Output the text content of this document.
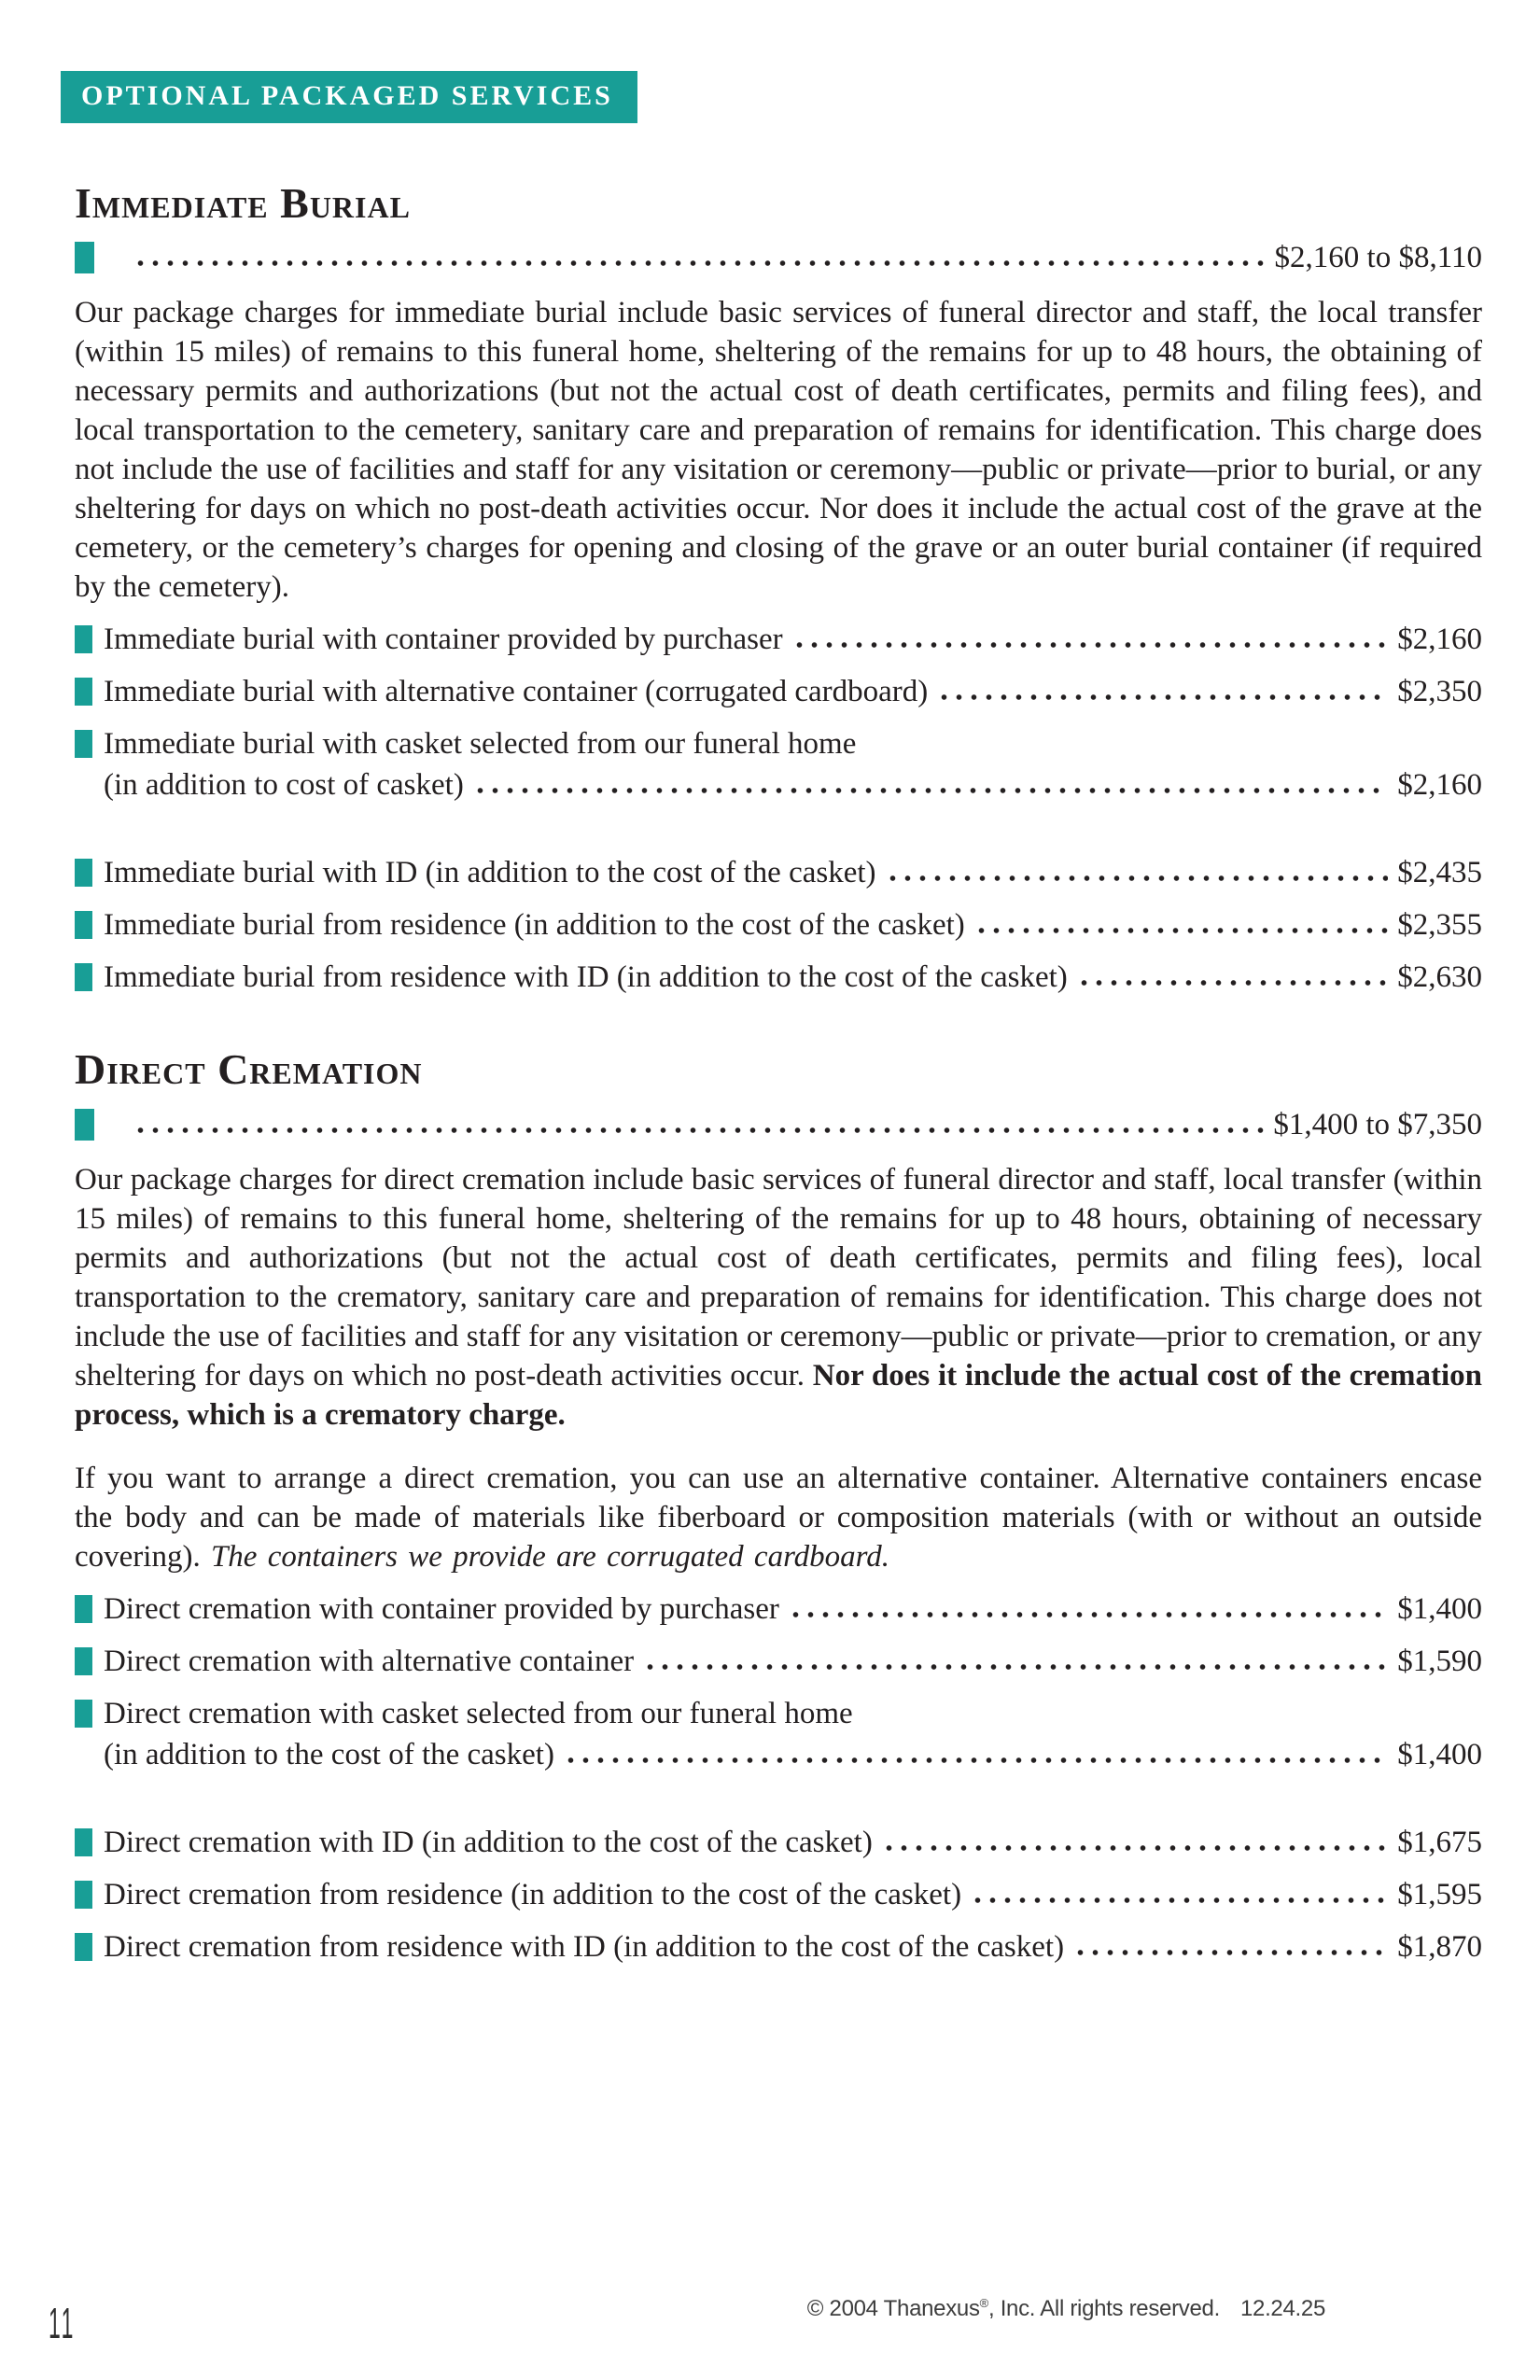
OPTIONAL PACKAGED SERVICES
Immediate Burial
$2,160 to $8,110

Our package charges for immediate burial include basic services of funeral director and staff, the local transfer (within 15 miles) of remains to this funeral home, sheltering of the remains for up to 48 hours, the obtaining of necessary permits and authorizations (but not the actual cost of death certificates, permits and filing fees), and local transportation to the cemetery, sanitary care and preparation of remains for identification. This charge does not include the use of facilities and staff for any visitation or ceremony—public or private—prior to burial, or any sheltering for days on which no post-death activities occur. Nor does it include the actual cost of the grave at the cemetery, or the cemetery’s charges for opening and closing of the grave or an outer burial container (if required by the cemetery).

Immediate burial with container provided by purchaser	$2,160
Immediate burial with alternative container (corrugated cardboard)	$2,350
Immediate burial with casket selected from our funeral home
(in addition to cost of casket)	$2,160
Immediate burial with ID (in addition to the cost of the casket)	$2,435
Immediate burial from residence (in addition to the cost of the casket)	$2,355
Immediate burial from residence with ID (in addition to the cost of the casket)	$2,630
Direct Cremation
$1,400 to $7,350

Our package charges for direct cremation include basic services of funeral director and staff, local transfer (within 15 miles) of remains to this funeral home, sheltering of the remains for up to 48 hours, obtaining of necessary permits and authorizations (but not the actual cost of death certificates, permits and filing fees), local transportation to the crematory, sanitary care and preparation of remains for identification. This charge does not include the use of facilities and staff for any visitation or ceremony—public or private—prior to cremation, or any sheltering for days on which no post-death activities occur. Nor does it include the actual cost of the cremation process, which is a crematory charge.

If you want to arrange a direct cremation, you can use an alternative container. Alternative containers encase the body and can be made of materials like fiberboard or composition materials (with or without an outside covering). The containers we provide are corrugated cardboard.

Direct cremation with container provided by purchaser	$1,400
Direct cremation with alternative container	$1,590
Direct cremation with casket selected from our funeral home
(in addition to the cost of the casket)	$1,400
Direct cremation with ID (in addition to the cost of the casket)	$1,675
Direct cremation from residence (in addition to the cost of the casket)	$1,595
Direct cremation from residence with ID (in addition to the cost of the casket)	$1,870
© 2004 Thanexus®, Inc. All rights reserved. 12.24.25
11
